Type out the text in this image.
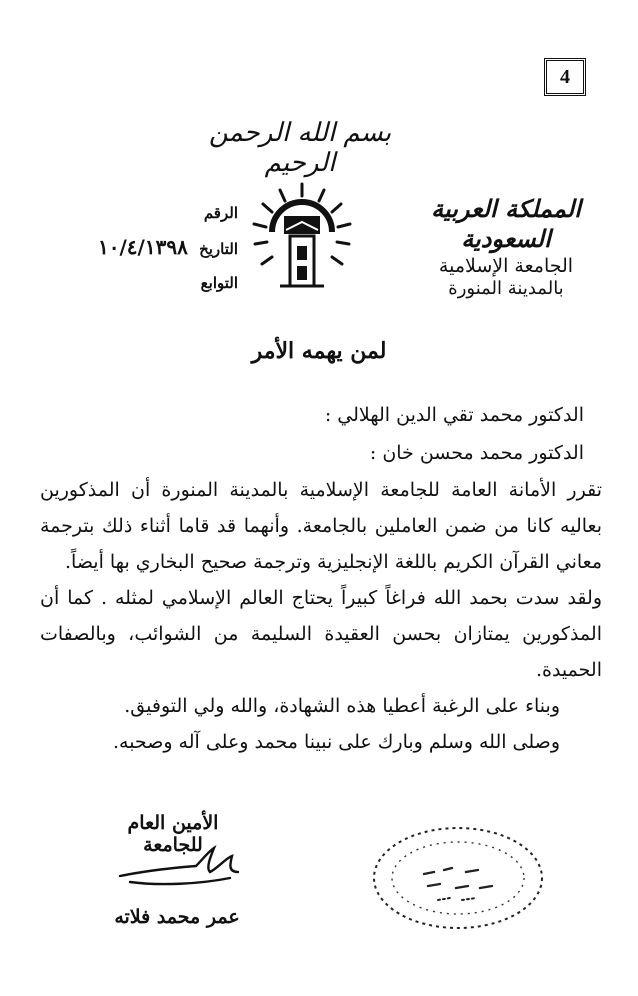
4
بسم الله الرحمن الرحيم
المملكة العربية السعودية
الجامعة الإسلامية
بالمدينة المنورة
الرقم
التاريخ ١٠/٤/١٣٩٨
التوابع
لمن يهمه الأمر
الدكتور محمد تقي الدين الهلالي :
الدكتور محمد محسن خان :
تقرر الأمانة العامة للجامعة الإسلامية بالمدينة المنورة أن المذكورين بعاليه كانا من ضمن العاملين بالجامعة. وأنهما قد قاما أثناء ذلك بترجمة معاني القرآن الكريم باللغة الإنجليزية وترجمة صحيح البخاري بها أيضاً.
ولقد سدت بحمد الله فراغاً كبيراً يحتاج العالم الإسلامي لمثله . كما أن المذكورين يمتازان بحسن العقيدة السليمة من الشوائب، وبالصفات الحميدة.
وبناء على الرغبة أعطيا هذه الشهادة، والله ولي التوفيق.
وصلى الله وسلم وبارك على نبينا محمد وعلى آله وصحبه.
الأمين العام للجامعة
عمر محمد فلاته
